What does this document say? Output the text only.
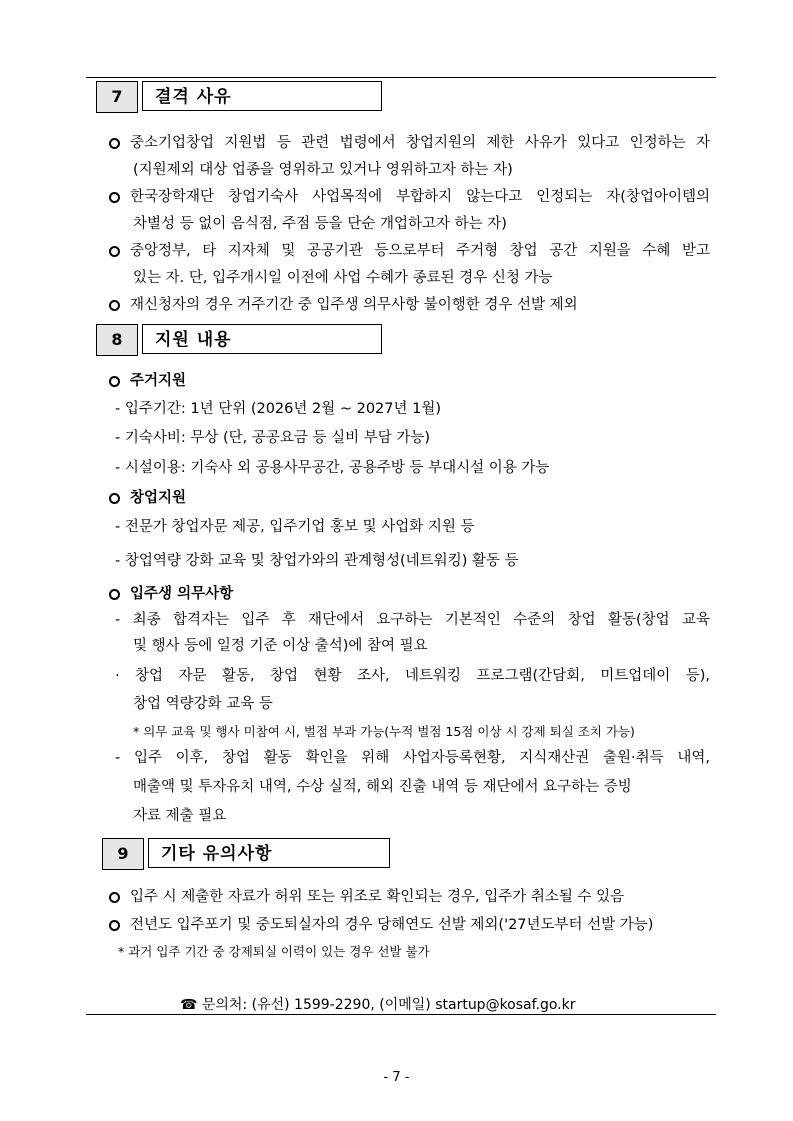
7	결격 사유
중소기업창업 지원법 등 관련 법령에서 창업지원의 제한 사유가 있다고 인정하는 자
(지원제외 대상 업종을 영위하고 있거나 영위하고자 하는 자)
한국장학재단 창업기숙사 사업목적에 부합하지 않는다고 인정되는 자(창업아이템의
차별성 등 없이 음식점, 주점 등을 단순 개업하고자 하는 자)
중앙정부, 타 지자체 및 공공기관 등으로부터 주거형 창업 공간 지원을 수혜 받고
있는 자. 단, 입주개시일 이전에 사업 수혜가 종료된 경우 신청 가능
재신청자의 경우 거주기간 중 입주생 의무사항 불이행한 경우 선발 제외
8	지원 내용
주거지원
- 입주기간: 1년 단위 (2026년 2월 ~ 2027년 1월)
- 기숙사비: 무상 (단, 공공요금 등 실비 부담 가능)
- 시설이용: 기숙사 외 공용사무공간, 공용주방 등 부대시설 이용 가능
창업지원
- 전문가 창업자문 제공, 입주기업 홍보 및 사업화 지원 등
- 창업역량 강화 교육 및 창업가와의 관계형성(네트워킹) 활동 등
입주생 의무사항
- 최종 합격자는 입주 후 재단에서 요구하는 기본적인 수준의 창업 활동(창업 교육
및 행사 등에 일정 기준 이상 출석)에 참여 필요
· 창업 자문 활동, 창업 현황 조사, 네트워킹 프로그램(간담회, 미트업데이 등),
창업 역량강화 교육 등
* 의무 교육 및 행사 미참여 시, 벌점 부과 가능(누적 벌점 15점 이상 시 강제 퇴실 조치 가능)
- 입주 이후, 창업 활동 확인을 위해 사업자등록현황, 지식재산권 출원·취득 내역,
매출액 및 투자유치 내역, 수상 실적, 해외 진출 내역 등 재단에서 요구하는 증빙
자료 제출 필요
9	기타 유의사항
입주 시 제출한 자료가 허위 또는 위조로 확인되는 경우, 입주가 취소될 수 있음
전년도 입주포기 및 중도퇴실자의 경우 당해연도 선발 제외('27년도부터 선발 가능)
* 과거 입주 기간 중 강제퇴실 이력이 있는 경우 선발 불가
☎ 문의처: (유선) 1599-2290, (이메일) startup@kosaf.go.kr
- 7 -
